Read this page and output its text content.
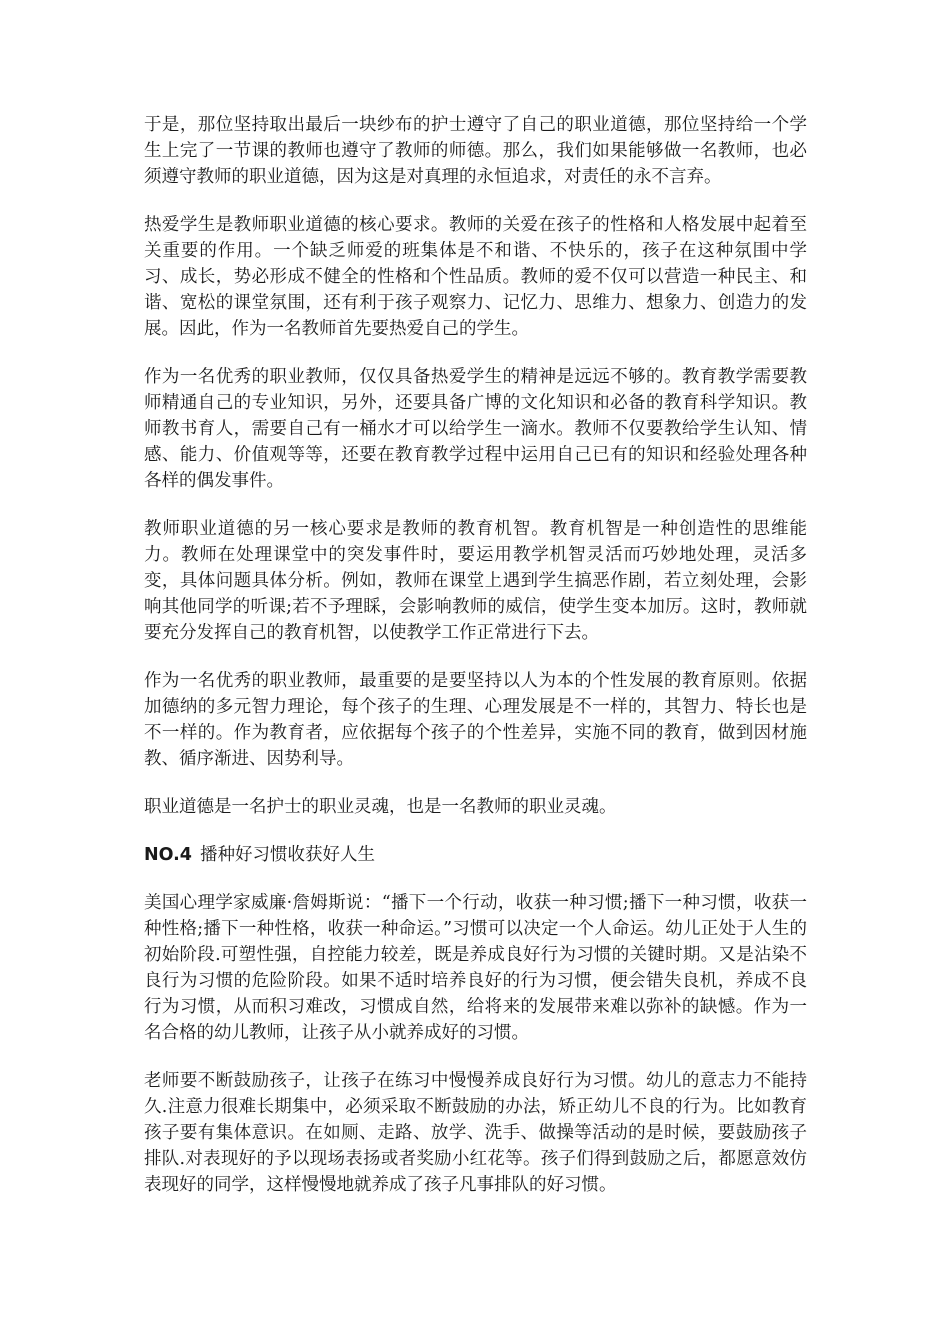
于是，那位坚持取出最后一块纱布的护士遵守了自己的职业道德，那位坚持给一个学生上完了一节课的教师也遵守了教师的师德。那么，我们如果能够做一名教师，也必须遵守教师的职业道德，因为这是对真理的永恒追求，对责任的永不言弃。

热爱学生是教师职业道德的核心要求。教师的关爱在孩子的性格和人格发展中起着至关重要的作用。一个缺乏师爱的班集体是不和谐、不快乐的，孩子在这种氛围中学习、成长，势必形成不健全的性格和个性品质。教师的爱不仅可以营造一种民主、和谐、宽松的课堂氛围，还有利于孩子观察力、记忆力、思维力、想象力、创造力的发展。因此，作为一名教师首先要热爱自己的学生。

作为一名优秀的职业教师，仅仅具备热爱学生的精神是远远不够的。教育教学需要教师精通自己的专业知识，另外，还要具备广博的文化知识和必备的教育科学知识。教师教书育人，需要自己有一桶水才可以给学生一滴水。教师不仅要教给学生认知、情感、能力、价值观等等，还要在教育教学过程中运用自己已有的知识和经验处理各种各样的偶发事件。

教师职业道德的另一核心要求是教师的教育机智。教育机智是一种创造性的思维能力。教师在处理课堂中的突发事件时，要运用教学机智灵活而巧妙地处理，灵活多变，具体问题具体分析。例如，教师在课堂上遇到学生搞恶作剧，若立刻处理，会影响其他同学的听课;若不予理睬，会影响教师的威信，使学生变本加厉。这时，教师就要充分发挥自己的教育机智，以使教学工作正常进行下去。

作为一名优秀的职业教师，最重要的是要坚持以人为本的个性发展的教育原则。依据加德纳的多元智力理论，每个孩子的生理、心理发展是不一样的，其智力、特长也是不一样的。作为教育者，应依据每个孩子的个性差异，实施不同的教育，做到因材施教、循序渐进、因势利导。

职业道德是一名护士的职业灵魂，也是一名教师的职业灵魂。

NO.4 播种好习惯收获好人生

美国心理学家威廉·詹姆斯说：“播下一个行动，收获一种习惯;播下一种习惯，收获一种性格;播下一种性格，收获一种命运。”习惯可以决定一个人命运。幼儿正处于人生的初始阶段.可塑性强，自控能力较差，既是养成良好行为习惯的关键时期。又是沾染不良行为习惯的危险阶段。如果不适时培养良好的行为习惯，便会错失良机，养成不良行为习惯，从而积习难改，习惯成自然，给将来的发展带来难以弥补的缺憾。作为一名合格的幼儿教师，让孩子从小就养成好的习惯。

老师要不断鼓励孩子，让孩子在练习中慢慢养成良好行为习惯。幼儿的意志力不能持久.注意力很难长期集中，必须采取不断鼓励的办法，矫正幼儿不良的行为。比如教育孩子要有集体意识。在如厕、走路、放学、洗手、做操等活动的是时候，要鼓励孩子排队.对表现好的予以现场表扬或者奖励小红花等。孩子们得到鼓励之后，都愿意效仿表现好的同学，这样慢慢地就养成了孩子凡事排队的好习惯。
